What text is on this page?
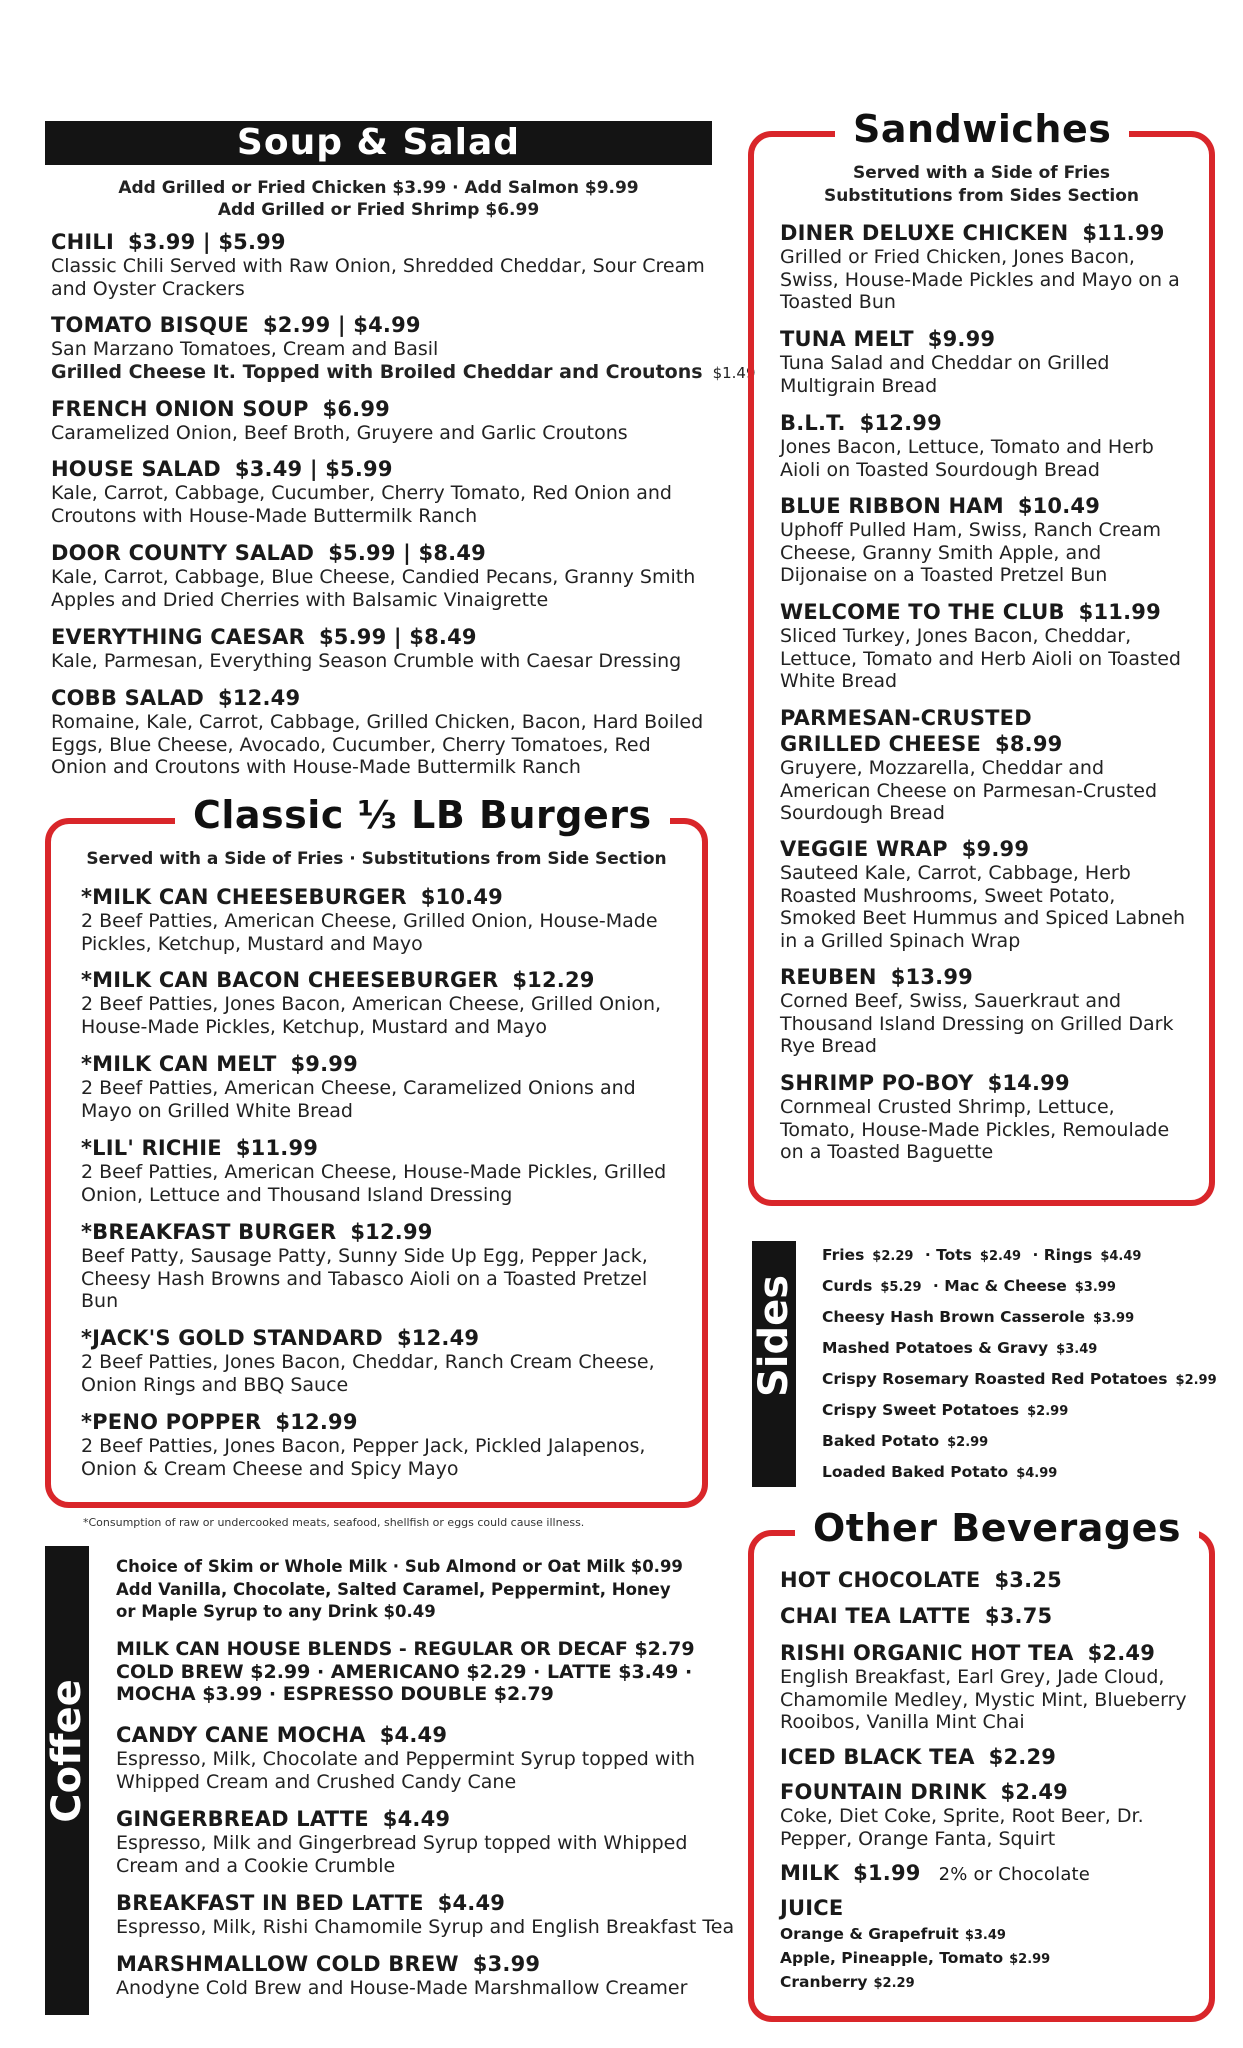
Soup & Salad
Add Grilled or Fried Chicken $3.99 · Add Salmon $9.99
Add Grilled or Fried Shrimp $6.99
CHILI $3.99 | $5.99
Classic Chili Served with Raw Onion, Shredded Cheddar, Sour Cream and Oyster Crackers
TOMATO BISQUE $2.99 | $4.99
San Marzano Tomatoes, Cream and Basil
Grilled Cheese It. Topped with Broiled Cheddar and Croutons $1.49
FRENCH ONION SOUP $6.99
Caramelized Onion, Beef Broth, Gruyere and Garlic Croutons
HOUSE SALAD $3.49 | $5.99
Kale, Carrot, Cabbage, Cucumber, Cherry Tomato, Red Onion and Croutons with House-Made Buttermilk Ranch
DOOR COUNTY SALAD $5.99 | $8.49
Kale, Carrot, Cabbage, Blue Cheese, Candied Pecans, Granny Smith Apples and Dried Cherries with Balsamic Vinaigrette
EVERYTHING CAESAR $5.99 | $8.49
Kale, Parmesan, Everything Season Crumble with Caesar Dressing
COBB SALAD $12.49
Romaine, Kale, Carrot, Cabbage, Grilled Chicken, Bacon, Hard Boiled Eggs, Blue Cheese, Avocado, Cucumber, Cherry Tomatoes, Red Onion and Croutons with House-Made Buttermilk Ranch
Classic ⅓ LB Burgers
Served with a Side of Fries · Substitutions from Side Section
*MILK CAN CHEESEBURGER $10.49
2 Beef Patties, American Cheese, Grilled Onion, House-Made Pickles, Ketchup, Mustard and Mayo
*MILK CAN BACON CHEESEBURGER $12.29
2 Beef Patties, Jones Bacon, American Cheese, Grilled Onion, House-Made Pickles, Ketchup, Mustard and Mayo
*MILK CAN MELT $9.99
2 Beef Patties, American Cheese, Caramelized Onions and Mayo on Grilled White Bread
*LIL' RICHIE $11.99
2 Beef Patties, American Cheese, House-Made Pickles, Grilled Onion, Lettuce and Thousand Island Dressing
*BREAKFAST BURGER $12.99
Beef Patty, Sausage Patty, Sunny Side Up Egg, Pepper Jack, Cheesy Hash Browns and Tabasco Aioli on a Toasted Pretzel Bun
*JACK'S GOLD STANDARD $12.49
2 Beef Patties, Jones Bacon, Cheddar, Ranch Cream Cheese, Onion Rings and BBQ Sauce
*PENO POPPER $12.99
2 Beef Patties, Jones Bacon, Pepper Jack, Pickled Jalapenos, Onion & Cream Cheese and Spicy Mayo
*Consumption of raw or undercooked meats, seafood, shellfish or eggs could cause illness.
Sandwiches
Served with a Side of Fries
Substitutions from Sides Section
DINER DELUXE CHICKEN $11.99
Grilled or Fried Chicken, Jones Bacon, Swiss, House-Made Pickles and Mayo on a Toasted Bun
TUNA MELT $9.99
Tuna Salad and Cheddar on Grilled Multigrain Bread
B.L.T. $12.99
Jones Bacon, Lettuce, Tomato and Herb Aioli on Toasted Sourdough Bread
BLUE RIBBON HAM $10.49
Uphoff Pulled Ham, Swiss, Ranch Cream Cheese, Granny Smith Apple, and Dijonaise on a Toasted Pretzel Bun
WELCOME TO THE CLUB $11.99
Sliced Turkey, Jones Bacon, Cheddar, Lettuce, Tomato and Herb Aioli on Toasted White Bread
PARMESAN-CRUSTED
GRILLED CHEESE $8.99
Gruyere, Mozzarella, Cheddar and American Cheese on Parmesan-Crusted Sourdough Bread
VEGGIE WRAP $9.99
Sauteed Kale, Carrot, Cabbage, Herb Roasted Mushrooms, Sweet Potato, Smoked Beet Hummus and Spiced Labneh in a Grilled Spinach Wrap
REUBEN $13.99
Corned Beef, Swiss, Sauerkraut and Thousand Island Dressing on Grilled Dark Rye Bread
SHRIMP PO-BOY $14.99
Cornmeal Crusted Shrimp, Lettuce, Tomato, House-Made Pickles, Remoulade on a Toasted Baguette
Sides
Fries $2.29 · Tots $2.49 · Rings $4.49
Curds $5.29 · Mac & Cheese $3.99
Cheesy Hash Brown Casserole $3.99
Mashed Potatoes & Gravy $3.49
Crispy Rosemary Roasted Red Potatoes $2.99
Crispy Sweet Potatoes $2.99
Baked Potato $2.99
Loaded Baked Potato $4.99
Coffee
Choice of Skim or Whole Milk · Sub Almond or Oat Milk $0.99
Add Vanilla, Chocolate, Salted Caramel, Peppermint, Honey
or Maple Syrup to any Drink $0.49
MILK CAN HOUSE BLENDS - REGULAR OR DECAF $2.79
COLD BREW $2.99 · AMERICANO $2.29 · LATTE $3.49 ·
MOCHA $3.99 · ESPRESSO DOUBLE $2.79
CANDY CANE MOCHA $4.49
Espresso, Milk, Chocolate and Peppermint Syrup topped with Whipped Cream and Crushed Candy Cane
GINGERBREAD LATTE $4.49
Espresso, Milk and Gingerbread Syrup topped with Whipped Cream and a Cookie Crumble
BREAKFAST IN BED LATTE $4.49
Espresso, Milk, Rishi Chamomile Syrup and English Breakfast Tea
MARSHMALLOW COLD BREW $3.99
Anodyne Cold Brew and House-Made Marshmallow Creamer
Other Beverages
HOT CHOCOLATE $3.25
CHAI TEA LATTE $3.75
RISHI ORGANIC HOT TEA $2.49
English Breakfast, Earl Grey, Jade Cloud, Chamomile Medley, Mystic Mint, Blueberry Rooibos, Vanilla Mint Chai
ICED BLACK TEA $2.29
FOUNTAIN DRINK $2.49
Coke, Diet Coke, Sprite, Root Beer, Dr. Pepper, Orange Fanta, Squirt
MILK $1.99 2% or Chocolate
JUICE
Orange & Grapefruit $3.49
Apple, Pineapple, Tomato $2.99
Cranberry $2.29
